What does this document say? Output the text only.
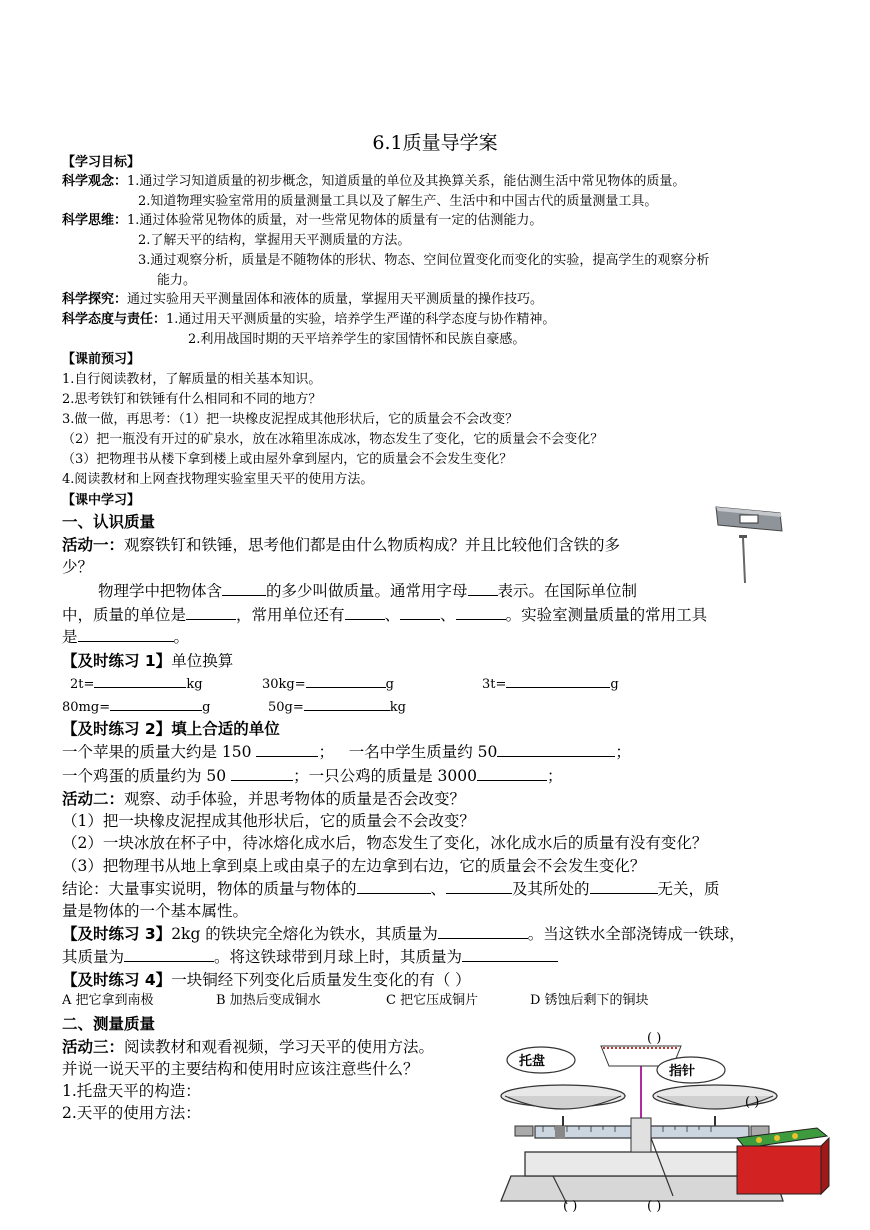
6.1质量导学案
【学习目标】
科学观念：1.通过学习知道质量的初步概念，知道质量的单位及其换算关系，能估测生活中常见物体的质量。
2.知道物理实验室常用的质量测量工具以及了解生产、生活中和中国古代的质量测量工具。
科学思维：1.通过体验常见物体的质量，对一些常见物体的质量有一定的估测能力。
2.了解天平的结构，掌握用天平测质量的方法。
3.通过观察分析，质量是不随物体的形状、物态、空间位置变化而变化的实验，提高学生的观察分析
能力。
科学探究：通过实验用天平测量固体和液体的质量，掌握用天平测质量的操作技巧。
科学态度与责任：1.通过用天平测质量的实验，培养学生严谨的科学态度与协作精神。
2.利用战国时期的天平培养学生的家国情怀和民族自豪感。
【课前预习】
1.自行阅读教材，了解质量的相关基本知识。
2.思考铁钉和铁锤有什么相同和不同的地方？
3.做一做，再思考：（1）把一块橡皮泥捏成其他形状后，它的质量会不会改变？
（2）把一瓶没有开过的矿泉水，放在冰箱里冻成冰，物态发生了变化，它的质量会不会变化？
（3）把物理书从楼下拿到楼上或由屋外拿到屋内，它的质量会不会发生变化？
4.阅读教材和上网查找物理实验室里天平的使用方法。
【课中学习】
一、认识质量
活动一：观察铁钉和铁锤，思考他们都是由什么物质构成？并且比较他们含铁的多
少？
物理学中把物体含	的多少叫做质量。通常用字母 表示。在国际单位制
中，质量的单位是	，常用单位还有	、	、	。实验室测量质量的常用工具
是	。
【及时练习 1】单位换算
2t=	kg	30kg=	g	3t=	g
80mg=	g	50g=	kg
【及时练习 2】填上合适的单位
一个苹果的质量大约是 150	； 一名中学生质量约 50	；
一个鸡蛋的质量约为 50	；一只公鸡的质量是 3000	；
活动二：观察、动手体验，并思考物体的质量是否会改变？
（1）把一块橡皮泥捏成其他形状后，它的质量会不会改变？
（2）一块冰放在杯子中，待冰熔化成水后，物态发生了变化，冰化成水后的质量有没有变化？
（3）把物理书从地上拿到桌上或由桌子的左边拿到右边，它的质量会不会发生变化？
结论：大量事实说明，物体的质量与物体的	、	及其所处的	无关，质
量是物体的一个基本属性。
【及时练习 3】2kg 的铁块完全熔化为铁水，其质量为	。当这铁水全部浇铸成一铁球，
其质量为	。将这铁球带到月球上时，其质量为
【及时练习 4】一块铜经下列变化后质量发生变化的有（ ）
A 把它拿到南极	B 加热后变成铜水	C 把它压成铜片	D 锈蚀后剩下的铜块
二、测量质量
活动三：阅读教材和观看视频，学习天平的使用方法。
并说一说天平的主要结构和使用时应该注意些什么？
1.托盘天平的构造：
2.天平的使用方法：
托盘
指针
( )
( )
( )	( )
